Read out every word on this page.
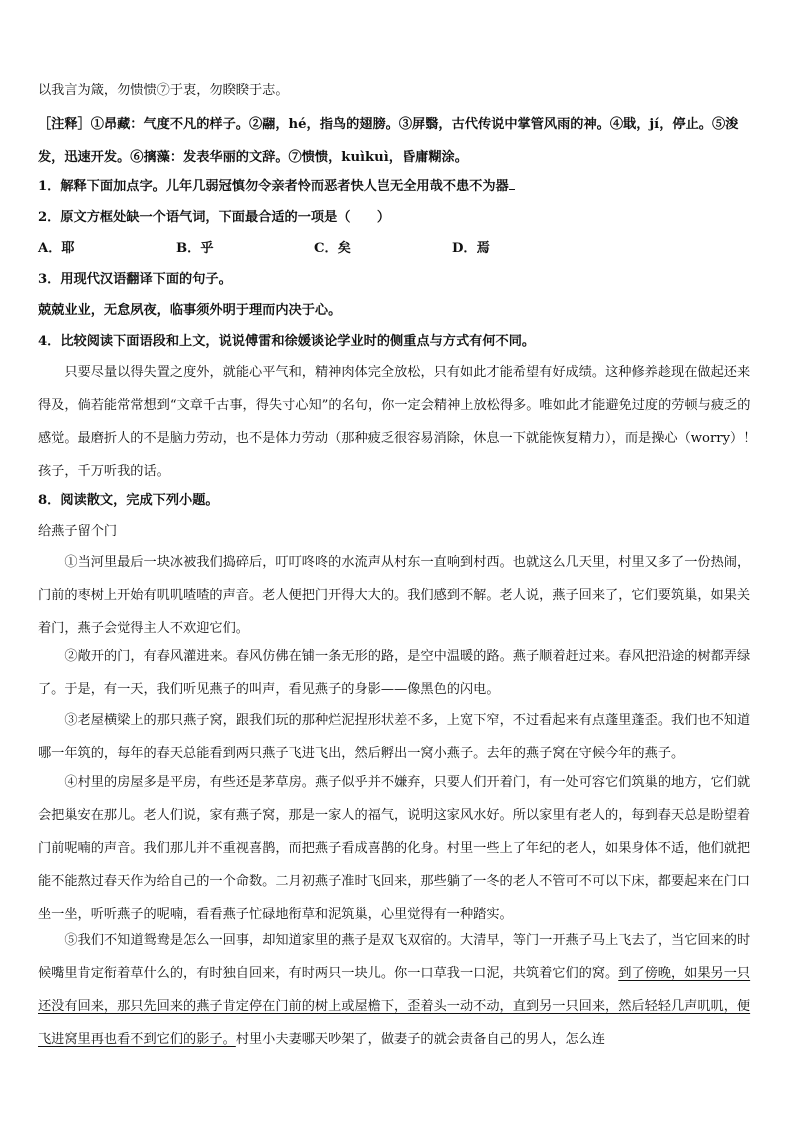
以我言为箴，勿愦愦⑦于衷，勿睽睽于志。

［注释］①昂藏：气度不凡的样子。②翮，hé，指鸟的翅膀。③屏翳，古代传说中掌管风雨的神。④戢，jí，停止。⑤浚发，迅速开发。⑥摛藻：发表华丽的文辞。⑦愦愦，kuìkuì，昏庸糊涂。

1．解释下面加点字。儿年几弱冠慎勿令亲者怜而恶者快人岂无全用哉不患不为器

2．原文方框处缺一个语气词，下面最合适的一项是（　　）

A．耶	B．乎	C．矣	D．焉

3．用现代汉语翻译下面的句子。

兢兢业业，无怠夙夜，临事须外明于理而内决于心。

4．比较阅读下面语段和上文，说说傅雷和徐媛谈论学业时的侧重点与方式有何不同。

只要尽量以得失置之度外，就能心平气和，精神肉体完全放松，只有如此才能希望有好成绩。这种修养趁现在做起还来得及，倘若能常常想到“文章千古事，得失寸心知”的名句，你一定会精神上放松得多。唯如此才能避免过度的劳顿与疲乏的感觉。最磨折人的不是脑力劳动，也不是体力劳动（那种疲乏很容易消除，休息一下就能恢复精力），而是操心（worry）！孩子，千万听我的话。

8．阅读散文，完成下列小题。

给燕子留个门

①当河里最后一块冰被我们捣碎后，叮叮咚咚的水流声从村东一直响到村西。也就这么几天里，村里又多了一份热闹，门前的枣树上开始有叽叽喳喳的声音。老人便把门开得大大的。我们感到不解。老人说，燕子回来了，它们要筑巢，如果关着门，燕子会觉得主人不欢迎它们。

②敞开的门，有春风灌进来。春风仿佛在铺一条无形的路，是空中温暖的路。燕子顺着赶过来。春风把沿途的树都弄绿了。于是，有一天，我们听见燕子的叫声，看见燕子的身影——像黑色的闪电。

③老屋横梁上的那只燕子窝，跟我们玩的那种烂泥捏形状差不多，上宽下窄，不过看起来有点蓬里蓬歪。我们也不知道哪一年筑的，每年的春天总能看到两只燕子飞进飞出，然后孵出一窝小燕子。去年的燕子窝在守候今年的燕子。

④村里的房屋多是平房，有些还是茅草房。燕子似乎并不嫌弃，只要人们开着门，有一处可容它们筑巢的地方，它们就会把巢安在那儿。老人们说，家有燕子窝，那是一家人的福气，说明这家风水好。所以家里有老人的，每到春天总是盼望着门前呢喃的声音。我们那儿并不重视喜鹊，而把燕子看成喜鹊的化身。村里一些上了年纪的老人，如果身体不适，他们就把能不能熬过春天作为给自己的一个命数。二月初燕子准时飞回来，那些躺了一冬的老人不管可不可以下床，都要起来在门口坐一坐，听听燕子的呢喃，看看燕子忙碌地衔草和泥筑巢，心里觉得有一种踏实。

⑤我们不知道鸳鸯是怎么一回事，却知道家里的燕子是双飞双宿的。大清早，等门一开燕子马上飞去了，当它回来的时候嘴里肯定衔着草什么的，有时独自回来，有时两只一块儿。你一口草我一口泥，共筑着它们的窝。到了傍晚，如果另一只还没有回来，那只先回来的燕子肯定停在门前的树上或屋檐下，歪着头一动不动，直到另一只回来，然后轻轻几声叽叽，便飞进窝里再也看不到它们的影子。村里小夫妻哪天吵架了，做妻子的就会责备自己的男人，怎么连
